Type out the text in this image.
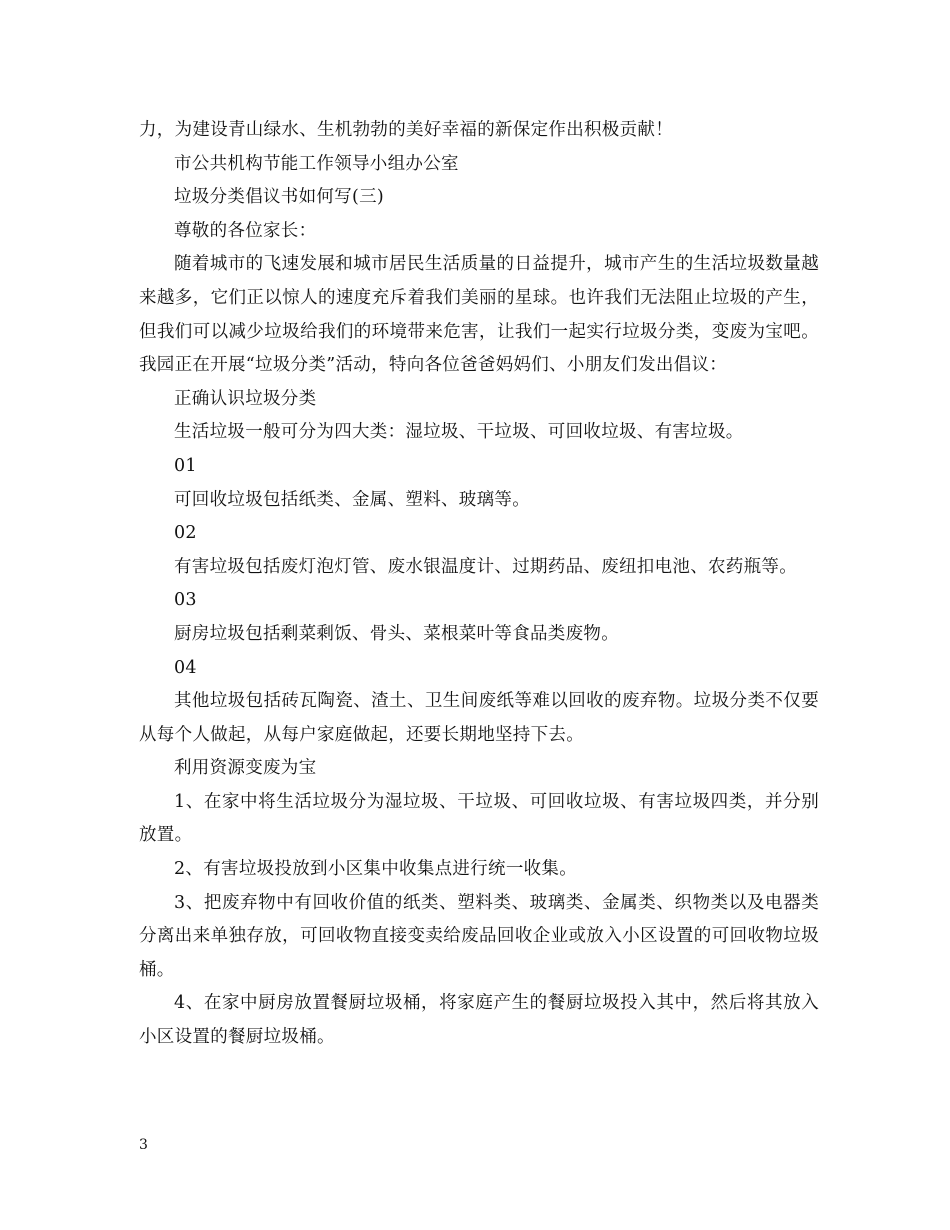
力，为建设青山绿水、生机勃勃的美好幸福的新保定作出积极贡献！

市公共机构节能工作领导小组办公室

垃圾分类倡议书如何写(三)

尊敬的各位家长：

随着城市的飞速发展和城市居民生活质量的日益提升，城市产生的生活垃圾数量越来越多，它们正以惊人的速度充斥着我们美丽的星球。也许我们无法阻止垃圾的产生，但我们可以减少垃圾给我们的环境带来危害，让我们一起实行垃圾分类，变废为宝吧。我园正在开展“垃圾分类”活动，特向各位爸爸妈妈们、小朋友们发出倡议：

正确认识垃圾分类

生活垃圾一般可分为四大类：湿垃圾、干垃圾、可回收垃圾、有害垃圾。

01

可回收垃圾包括纸类、金属、塑料、玻璃等。

02

有害垃圾包括废灯泡灯管、废水银温度计、过期药品、废纽扣电池、农药瓶等。

03

厨房垃圾包括剩菜剩饭、骨头、菜根菜叶等食品类废物。

04

其他垃圾包括砖瓦陶瓷、渣土、卫生间废纸等难以回收的废弃物。垃圾分类不仅要从每个人做起，从每户家庭做起，还要长期地坚持下去。

利用资源变废为宝

1、在家中将生活垃圾分为湿垃圾、干垃圾、可回收垃圾、有害垃圾四类，并分别放置。

2、有害垃圾投放到小区集中收集点进行统一收集。

3、把废弃物中有回收价值的纸类、塑料类、玻璃类、金属类、织物类以及电器类分离出来单独存放，可回收物直接变卖给废品回收企业或放入小区设置的可回收物垃圾桶。

4、在家中厨房放置餐厨垃圾桶，将家庭产生的餐厨垃圾投入其中，然后将其放入小区设置的餐厨垃圾桶。

3
